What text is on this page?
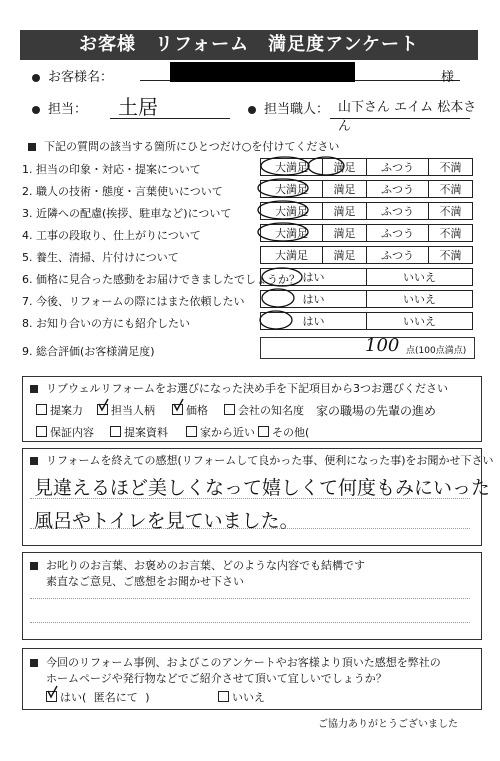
お客様　リフォーム　満足度アンケート
お客様名：	様
担当： 土居	担当職人： 山下さん エイム 松本さん
下記の質問の該当する箇所にひとつだけ○を付けてください
1. 担当の印象・対応・提案について	大満足	満足	ふつう	不満
2. 職人の技術・態度・言葉使いについて	大満足	満足	ふつう	不満
3. 近隣への配慮(挨拶、駐車など)について	大満足	満足	ふつう	不満
4. 工事の段取り、仕上がりについて	大満足	満足	ふつう	不満
5. 養生、清掃、片付けについて	大満足	満足	ふつう	不満
6. 価格に見合った感動をお届けできましたでしょうか？ はい	いいえ
7. 今後、リフォームの際にはまた依頼したい	はい	いいえ
8. お知り合いの方にも紹介したい	はい	いいえ
9. 総合評価(お客様満足度)	100 点(100点満点)
リブウェルリフォームをお選びになった決め手を下記項目から3つお選びください
提案力	担当人柄	価格	会社の知名度
保証内容	提案資料	家から近い	その他(
家の職場の先輩の進め
リフォームを終えての感想(リフォームして良かった事、便利になった事)をお聞かせ下さい
見違えるほど美しくなって嬉しくて何度もみにいった
風呂やトイレを見ていました。
お叱りのお言葉、お褒めのお言葉、どのような内容でも結構です
素直なご意見、ご感想をお聞かせ下さい
今回のリフォーム事例、およびこのアンケートやお客様より頂いた感想を弊社の
ホームページや発行物などでご紹介させて頂いて宜しいでしょうか？
はい( 匿名にて )	いいえ
ご協力ありがとうございました
